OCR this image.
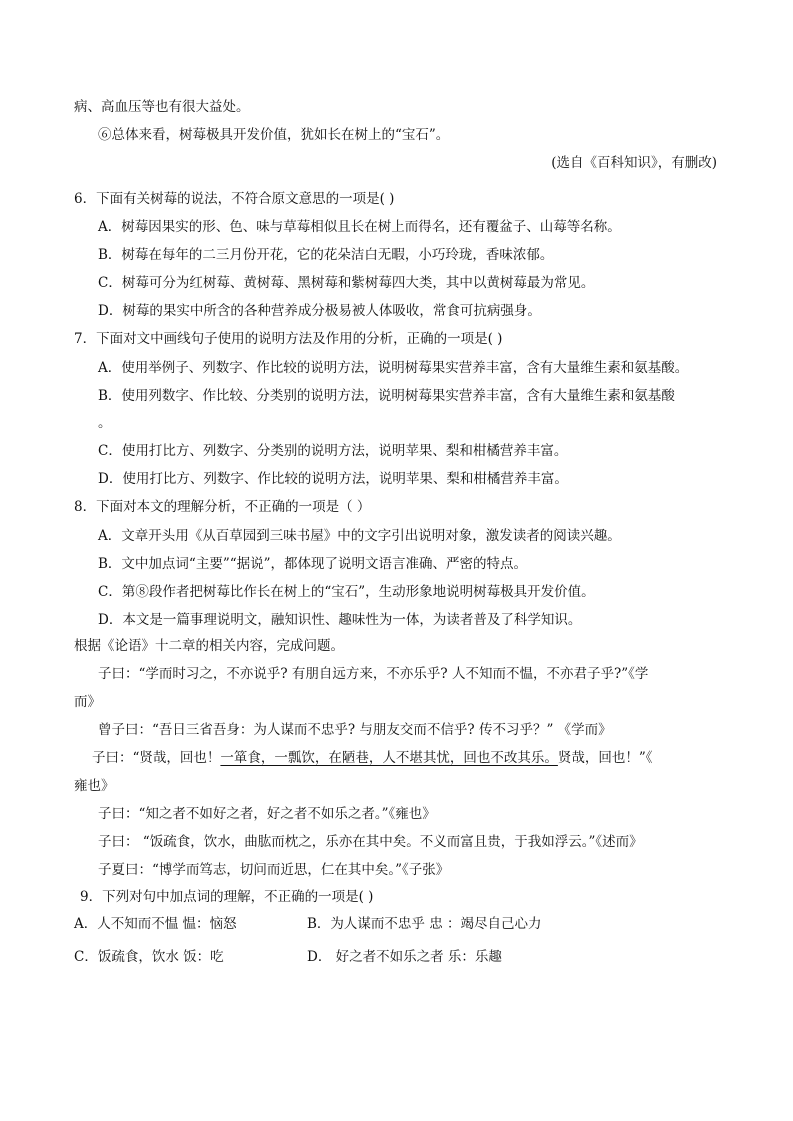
病、高血压等也有很大益处。
⑥总体来看，树莓极具开发价值，犹如长在树上的“宝石”。
(选自《百科知识》，有删改)
6．下面有关树莓的说法，不符合原文意思的一项是( )
A．树莓因果实的形、色、味与草莓相似且长在树上而得名，还有覆盆子、山莓等名称。
B．树莓在每年的二三月份开花，它的花朵洁白无暇，小巧玲珑，香味浓郁。
C．树莓可分为红树莓、黄树莓、黑树莓和紫树莓四大类，其中以黄树莓最为常见。
D．树莓的果实中所含的各种营养成分极易被人体吸收，常食可抗病强身。
7．下面对文中画线句子使用的说明方法及作用的分析，正确的一项是( )
A．使用举例子、列数字、作比较的说明方法，说明树莓果实营养丰富，含有大量维生素和氨基酸。
B．使用列数字、作比较、分类别的说明方法，说明树莓果实营养丰富，含有大量维生素和氨基酸
。
C．使用打比方、列数字、分类别的说明方法，说明苹果、梨和柑橘营养丰富。
D．使用打比方、列数字、作比较的说明方法，说明苹果、梨和柑橘营养丰富。
8．下面对本文的理解分析，不正确的一项是（ ）
A．文章开头用《从百草园到三味书屋》中的文字引出说明对象，激发读者的阅读兴趣。
B．文中加点词“主要”“据说”，都体现了说明文语言准确、严密的特点。
C．第⑧段作者把树莓比作长在树上的“宝石”，生动形象地说明树莓极具开发价值。
D．本文是一篇事理说明文，融知识性、趣味性为一体，为读者普及了科学知识。
根据《论语》十二章的相关内容，完成问题。
子曰：“学而时习之，不亦说乎? 有朋自远方来，不亦乐乎? 人不知而不愠，不亦君子乎?”《学
而》
曾子曰：“吾日三省吾身：为人谋而不忠乎? 与朋友交而不信乎? 传不习乎？” 《学而》
子曰：“贤哉，回也！一箪食，一瓢饮，在陋巷，人不堪其忧，回也不改其乐。贤哉，回也！”《
雍也》
子曰：“知之者不如好之者，好之者不如乐之者。”《雍也》
子曰： “饭疏食，饮水，曲肱而枕之，乐亦在其中矣。不义而富且贵，于我如浮云。”《述而》
子夏曰：“博学而笃志，切问而近思，仁在其中矣。”《子张》
9．下列对句中加点词的理解，不正确的一项是( )
A．人不知而不愠 愠：恼怒	B．为人谋而不忠乎 忠 ：竭尽自己心力
C．饭疏食，饮水 饭：吃	D． 好之者不如乐之者 乐：乐趣
